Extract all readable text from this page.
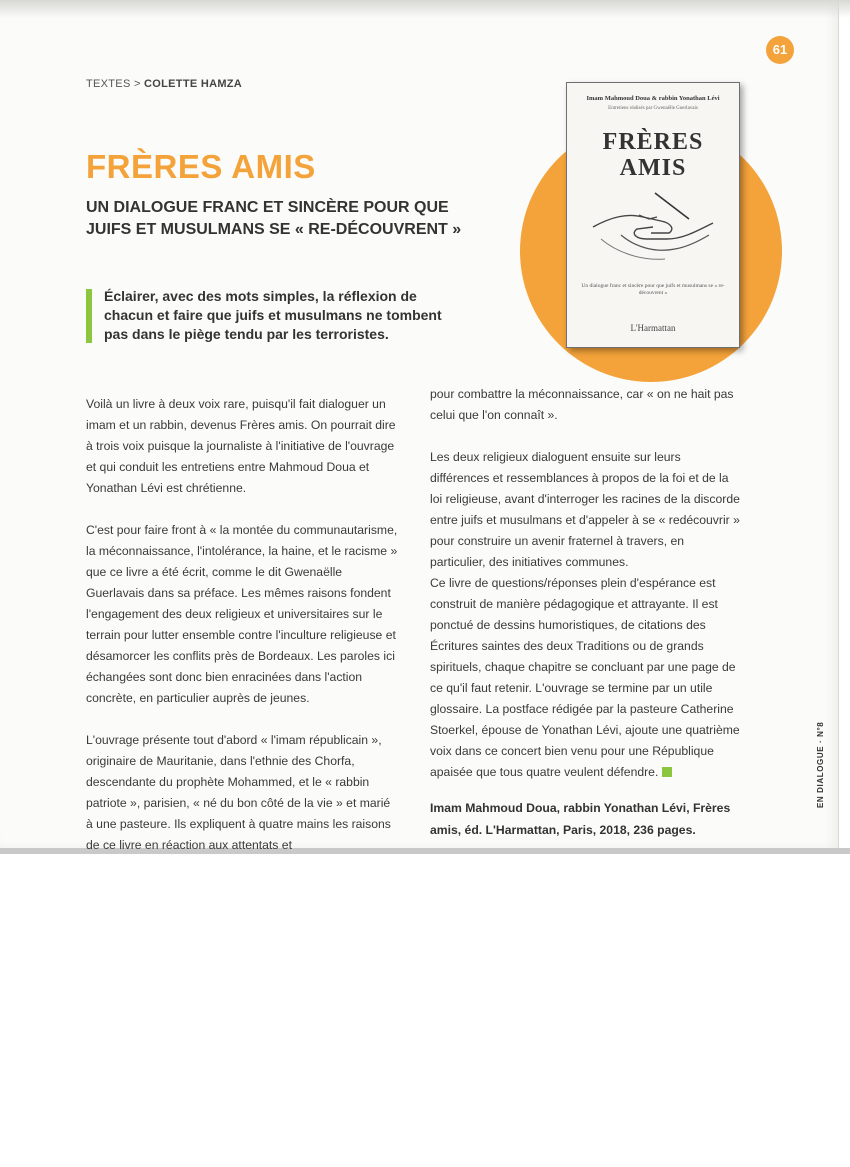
61
TEXTES > COLETTE HAMZA
FRÈRES AMIS
UN DIALOGUE FRANC ET SINCÈRE POUR QUE JUIFS ET MUSULMANS SE « RE-DÉCOUVRENT »

Éclairer, avec des mots simples, la réflexion de chacun et faire que juifs et musulmans ne tombent pas dans le piège tendu par les terroristes.

Imam Mahmoud Doua & rabbin Yonathan Lévi
Entretiens réalisés par Gwenaëlle Guerlavais
FRÈRES
AMIS
Un dialogue franc et sincère pour que juifs et musulmans se « re-découvrent »
L'Harmattan

Voilà un livre à deux voix rare, puisqu'il fait dialoguer un imam et un rabbin, devenus Frères amis. On pourrait dire à trois voix puisque la journaliste à l'initiative de l'ouvrage et qui conduit les entretiens entre Mahmoud Doua et Yonathan Lévi est chrétienne.

C'est pour faire front à « la montée du communautarisme, la méconnaissance, l'intolérance, la haine, et le racisme » que ce livre a été écrit, comme le dit Gwenaëlle Guerlavais dans sa préface. Les mêmes raisons fondent l'engagement des deux religieux et universitaires sur le terrain pour lutter ensemble contre l'inculture religieuse et désamorcer les conflits près de Bordeaux. Les paroles ici échangées sont donc bien enracinées dans l'action concrète, en particulier auprès de jeunes.

L'ouvrage présente tout d'abord « l'imam républicain », originaire de Mauritanie, dans l'ethnie des Chorfa, descendante du prophète Mohammed, et le « rabbin patriote », parisien, « né du bon côté de la vie » et marié à une pasteure. Ils expliquent à quatre mains les raisons de ce livre en réaction aux attentats et

pour combattre la méconnaissance, car « on ne hait pas celui que l'on connaît ».

Les deux religieux dialoguent ensuite sur leurs différences et ressemblances à propos de la foi et de la loi religieuse, avant d'interroger les racines de la discorde entre juifs et musulmans et d'appeler à se « redécouvrir » pour construire un avenir fraternel à travers, en particulier, des initiatives communes.

Ce livre de questions/réponses plein d'espérance est construit de manière pédagogique et attrayante. Il est ponctué de dessins humoristiques, de citations des Écritures saintes des deux Traditions ou de grands spirituels, chaque chapitre se concluant par une page de ce qu'il faut retenir. L'ouvrage se termine par un utile glossaire. La postface rédigée par la pasteure Catherine Stoerkel, épouse de Yonathan Lévi, ajoute une quatrième voix dans ce concert bien venu pour une République apaisée que tous quatre veulent défendre.

Imam Mahmoud Doua, rabbin Yonathan Lévi, Frères amis, éd. L'Harmattan, Paris, 2018, 236 pages.

EN DIALOGUE · N°8
